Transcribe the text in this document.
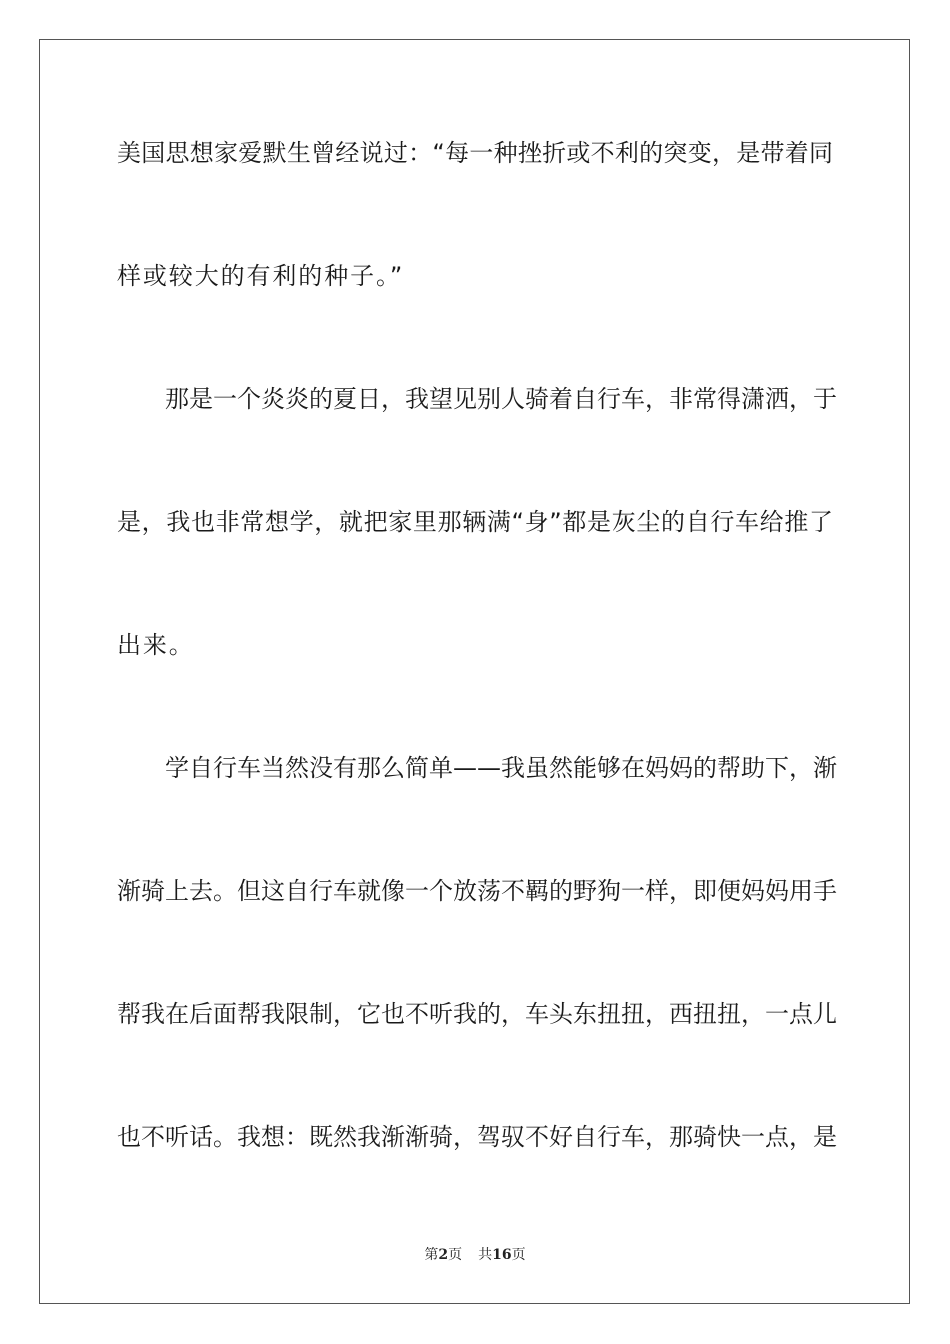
美国思想家爱默生曾经说过：“每一种挫折或不利的突变，是带着同
样或较大的有利的种子。”
那是一个炎炎的夏日，我望见别人骑着自行车，非常得潇洒，于
是，我也非常想学，就把家里那辆满“身”都是灰尘的自行车给推了
出来。
学自行车当然没有那么简单——我虽然能够在妈妈的帮助下，渐
渐骑上去。但这自行车就像一个放荡不羁的野狗一样，即便妈妈用手
帮我在后面帮我限制，它也不听我的，车头东扭扭，西扭扭，一点儿
也不听话。我想：既然我渐渐骑，驾驭不好自行车，那骑快一点，是
第2页 共16页
